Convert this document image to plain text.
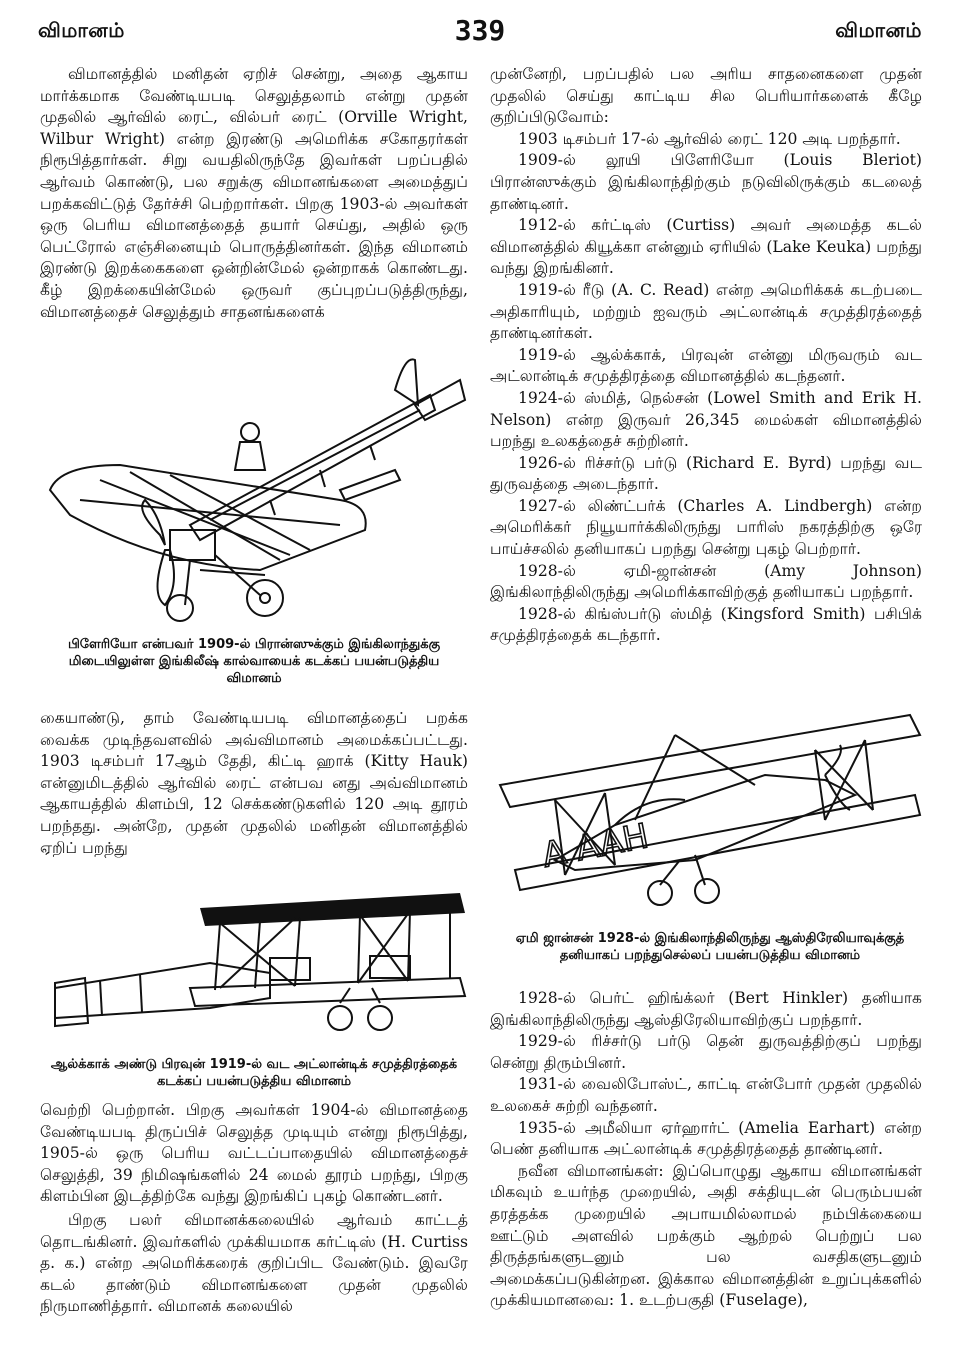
விமானம்	339	விமானம்

விமானத்தில் மனிதன் ஏறிச் சென்று, அதை ஆகாய மார்க்கமாக வேண்டியபடி செலுத்தலாம் என்று முதன் முதலில் ஆர்வில் ரைட், வில்பர் ரைட் (Orville Wright, Wilbur Wright) என்ற இரண்டு அமெரிக்க சகோதரர்கள் நிரூபித்தார்கள். சிறு வயதிலிருந்தே இவர்கள் பறப்பதில் ஆர்வம் கொண்டு, பல சறுக்கு விமானங்களை அமைத்துப் பறக்கவிட்டுத் தேர்ச்சி பெற்றார்கள். பிறகு 1903-ல் அவர்கள் ஒரு பெரிய விமானத்தைத் தயார் செய்து, அதில் ஒரு பெட்ரோல் எஞ்சினையும் பொருத்தினர்கள். இந்த விமானம் இரண்டு இறக்கைகளை ஒன்றின்மேல் ஒன்றாகக் கொண்டது. கீழ் இறக்கையின்மேல் ஒருவர் குப்புறப்படுத்திருந்து, விமானத்தைச் செலுத்தும் சாதனங்களைக்

பிளேரியோ என்பவர் 1909-ல் பிரான்ஸுக்கும் இங்கிலாந்துக்கு மிடையிலுள்ள இங்கிலீஷ் கால்வாயைக் கடக்கப் பயன்படுத்திய விமானம்

கையாண்டு, தாம் வேண்டியபடி விமானத்தைப் பறக்க வைக்க முடிந்தவளவில் அவ்விமானம் அமைக்கப்பட்டது. 1903 டிசம்பர் 17ஆம் தேதி, கிட்டி ஹாக் (Kitty Hauk) என்னுமிடத்தில் ஆர்வில் ரைட் என்பவ னது அவ்விமானம் ஆகாயத்தில் கிளம்பி, 12 செக்கண்டுகளில் 120 அடி தூரம் பறந்தது. அன்றே, முதன் முதலில் மனிதன் விமானத்தில் ஏறிப் பறந்து

ஆல்க்காக் அண்டு பிரவுன் 1919-ல் வட அட்லான்டிக் சமுத்திரத்தைக் கடக்கப் பயன்படுத்திய விமானம்

வெற்றி பெற்றான். பிறகு அவர்கள் 1904-ல் விமானத்தை வேண்டியபடி திருப்பிச் செலுத்த முடியும் என்று நிரூபித்து, 1905-ல் ஒரு பெரிய வட்டப்பாதையில் விமானத்தைச் செலுத்தி, 39 நிமிஷங்களில் 24 மைல் தூரம் பறந்து, பிறகு கிளம்பின இடத்திற்கே வந்து இறங்கிப் புகழ் கொண்டனர்.

பிறகு பலர் விமானக்கலையில் ஆர்வம் காட்டத் தொடங்கினர். இவர்களில் முக்கியமாக கர்ட்டிஸ் (H. Curtiss த. க.) என்ற அமெரிக்கரைக் குறிப்பிட வேண்டும். இவரே கடல் தாண்டும் விமானங்களை முதன் முதலில் நிருமாணித்தார். விமானக் கலையில்

முன்னேறி, பறப்பதில் பல அரிய சாதனைகளை முதன் முதலில் செய்து காட்டிய சில பெரியார்களைக் கீழே குறிப்பிடுவோம்:

1903 டிசம்பர் 17-ல் ஆர்வில் ரைட் 120 அடி பறந்தார்.

1909-ல் லூயி பிளேரியோ (Louis Bleriot) பிரான்ஸுக்கும் இங்கிலாந்திற்கும் நடுவிலிருக்கும் கடலைத் தாண்டினர்.

1912-ல் கர்ட்டிஸ் (Curtiss) அவர் அமைத்த கடல் விமானத்தில் கியூக்கா என்னும் ஏரியில் (Lake Keuka) பறந்து வந்து இறங்கினர்.

1919-ல் ரீடு (A. C. Read) என்ற அமெரிக்கக் கடற்படை அதிகாரியும், மற்றும் ஐவரும் அட்லான்டிக் சமுத்திரத்தைத் தாண்டினர்கள்.

1919-ல் ஆல்க்காக், பிரவுன் என்னு மிருவரும் வட அட்லான்டிக் சமுத்திரத்தை விமானத்தில் கடந்தனர்.

1924-ல் ஸ்மித், நெல்சன் (Lowel Smith and Erik H. Nelson) என்ற இருவர் 26,345 மைல்கள் விமானத்தில் பறந்து உலகத்தைச் சுற்றினர்.

1926-ல் ரிச்சர்டு பர்டு (Richard E. Byrd) பறந்து வட துருவத்தை அடைந்தார்.

1927-ல் லிண்ட்பர்க் (Charles A. Lindbergh) என்ற அமெரிக்கர் நியூயார்க்கிலிருந்து பாரிஸ் நகரத்திற்கு ஒரே பாய்ச்சலில் தனியாகப் பறந்து சென்று புகழ் பெற்றார்.

1928-ல் ஏமி-ஜான்சன் (Amy Johnson) இங்கிலாந்திலிருந்து அமெரிக்காவிற்குத் தனியாகப் பறந்தார்.

1928-ல் கிங்ஸ்பர்டு ஸ்மித் (Kingsford Smith) பசிபிக் சமுத்திரத்தைக் கடந்தார்.

A AAH
ஏமி ஜான்சன் 1928-ல் இங்கிலாந்திலிருந்து ஆஸ்திரேலியாவுக்குத் தனியாகப் பறந்துசெல்லப் பயன்படுத்திய விமானம்

1928-ல் பெர்ட் ஹிங்க்லர் (Bert Hinkler) தனியாக இங்கிலாந்திலிருந்து ஆஸ்திரேலியாவிற்குப் பறந்தார்.

1929-ல் ரிச்சர்டு பர்டு தென் துருவத்திற்குப் பறந்து சென்று திரும்பினர்.

1931-ல் வைலிபோஸ்ட், காட்டி என்போர் முதன் முதலில் உலகைச் சுற்றி வந்தனர்.

1935-ல் அமீலியா ஏர்ஹார்ட் (Amelia Earhart) என்ற பெண் தனியாக அட்லான்டிக் சமுத்திரத்தைத் தாண்டினர்.

நவீன விமானங்கள்: இப்பொழுது ஆகாய விமானங்கள் மிகவும் உயர்ந்த முறையில், அதி சக்தியுடன் பெரும்பயன் தரத்தக்க முறையில் அபாயமில்லாமல் நம்பிக்கையை ஊட்டும் அளவில் பறக்கும் ஆற்றல் பெற்றுப் பல திருத்தங்களுடனும் பல வசதிகளுடனும் அமைக்கப்படுகின்றன. இக்கால விமானத்தின் உறுப்புக்களில் முக்கியமானவை: 1. உடற்பகுதி (Fuselage),
